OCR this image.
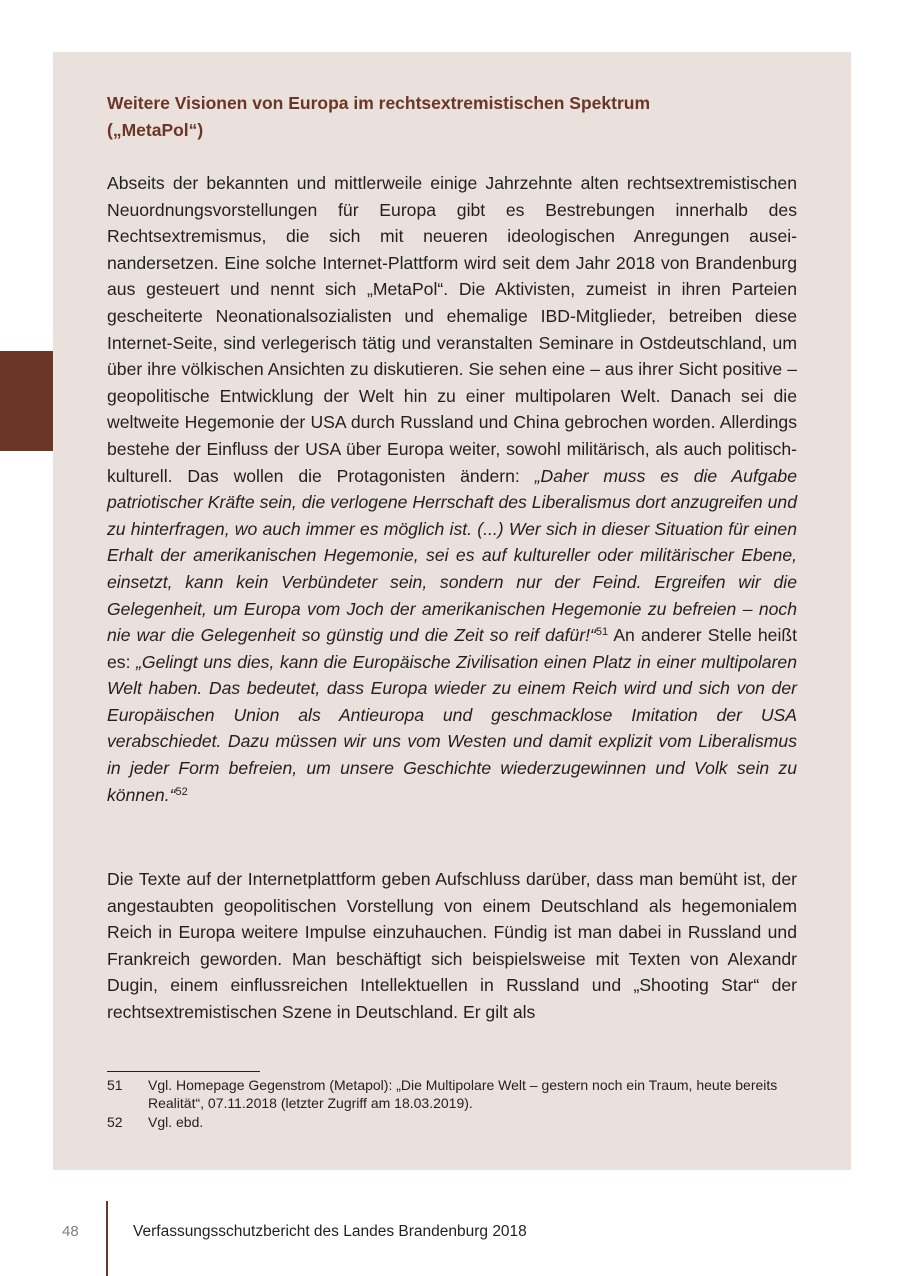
Weitere Visionen von Europa im rechtsextremistischen Spektrum
(„MetaPol“)

Abseits der bekannten und mittlerweile einige Jahrzehnte alten rechtsextremistischen Neuordnungsvorstellungen für Europa gibt es Bestrebungen innerhalb des Rechtsextremismus, die sich mit neueren ideologischen Anregungen auseinandersetzen. Eine solche Internet-Plattform wird seit dem Jahr 2018 von Brandenburg aus gesteuert und nennt sich „MetaPol“. Die Aktivisten, zumeist in ihren Parteien gescheiterte Neonationalsozialisten und ehemalige IBD-Mitglieder, betreiben diese Internet-Seite, sind verlegerisch tätig und veranstalten Seminare in Ostdeutschland, um über ihre völkischen Ansichten zu diskutieren. Sie sehen eine – aus ihrer Sicht positive – geopolitische Entwicklung der Welt hin zu einer multipolaren Welt. Danach sei die weltweite Hegemonie der USA durch Russland und China gebrochen worden. Allerdings bestehe der Einfluss der USA über Europa weiter, sowohl militärisch, als auch politisch-kulturell. Das wollen die Protagonisten ändern: „Daher muss es die Aufgabe patriotischer Kräfte sein, die verlogene Herrschaft des Liberalismus dort anzugreifen und zu hinterfragen, wo auch immer es möglich ist. (...) Wer sich in dieser Situation für einen Erhalt der amerikanischen Hegemonie, sei es auf kultureller oder militärischer Ebene, einsetzt, kann kein Verbündeter sein, sondern nur der Feind. Ergreifen wir die Gelegenheit, um Europa vom Joch der amerikanischen Hegemonie zu befreien – noch nie war die Gelegenheit so günstig und die Zeit so reif dafür!“$^{51}$ An anderer Stelle heißt es: „Gelingt uns dies, kann die Europäische Zivilisation einen Platz in einer multipolaren Welt haben. Das bedeutet, dass Europa wieder zu einem Reich wird und sich von der Europäischen Union als Antieuropa und geschmacklose Imitation der USA verabschiedet. Dazu müssen wir uns vom Westen und damit explizit vom Liberalismus in jeder Form befreien, um unsere Geschichte wiederzugewinnen und Volk sein zu können.“$^{52}$

Die Texte auf der Internetplattform geben Aufschluss darüber, dass man bemüht ist, der angestaubten geopolitischen Vorstellung von einem Deutschland als hegemonialem Reich in Europa weitere Impulse einzuhauchen. Fündig ist man dabei in Russland und Frankreich geworden. Man beschäftigt sich beispielsweise mit Texten von Alexandr Dugin, einem einflussreichen Intellektuellen in Russland und „Shooting Star“ der rechtsextremistischen Szene in Deutschland. Er gilt als

51 Vgl. Homepage Gegenstrom (Metapol): „Die Multipolare Welt – gestern noch ein Traum, heute bereits Realität“, 07.11.2018 (letzter Zugriff am 18.03.2019).
52 Vgl. ebd.
48	Verfassungsschutzbericht des Landes Brandenburg 2018
